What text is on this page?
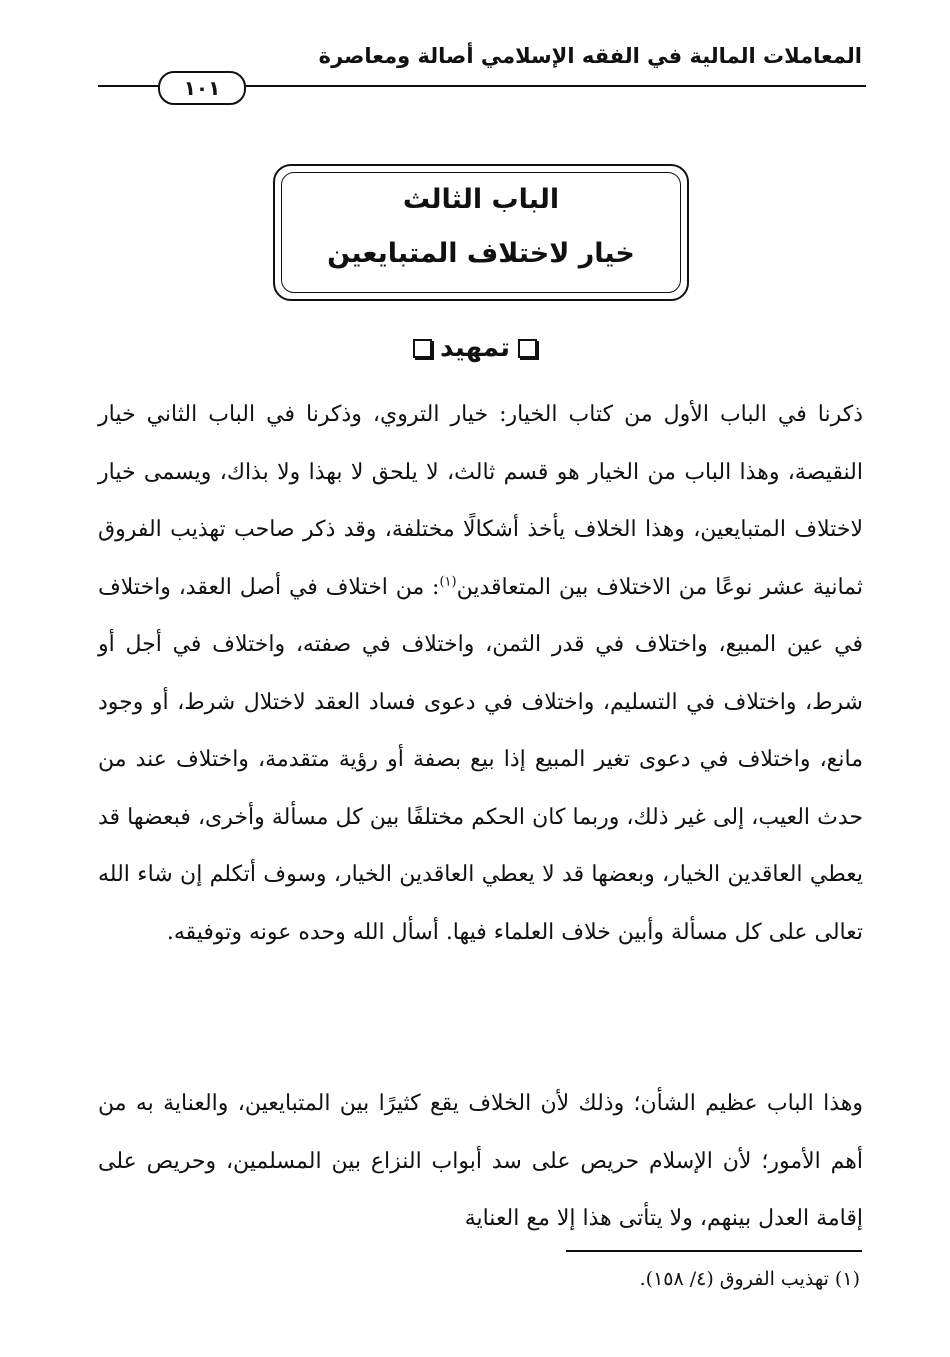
المعاملات المالية في الفقه الإسلامي أصالة ومعاصرة
١٠١
الباب الثالث
خيار لاختلاف المتبايعين
تمهيد
ذكرنا في الباب الأول من كتاب الخيار: خيار التروي، وذكرنا في الباب الثاني خيار النقيصة، وهذا الباب من الخيار هو قسم ثالث، لا يلحق لا بهذا ولا بذاك، ويسمى خيار لاختلاف المتبايعين، وهذا الخلاف يأخذ أشكالًا مختلفة، وقد ذكر صاحب تهذيب الفروق ثمانية عشر نوعًا من الاختلاف بين المتعاقدين$^{(١)}$: من اختلاف في أصل العقد، واختلاف في عين المبيع، واختلاف في قدر الثمن، واختلاف في صفته، واختلاف في أجل أو شرط، واختلاف في التسليم، واختلاف في دعوى فساد العقد لاختلال شرط، أو وجود مانع، واختلاف في دعوى تغير المبيع إذا بيع بصفة أو رؤية متقدمة، واختلاف عند من حدث العيب، إلى غير ذلك، وربما كان الحكم مختلفًا بين كل مسألة وأخرى، فبعضها قد يعطي العاقدين الخيار، وبعضها قد لا يعطي العاقدين الخيار، وسوف أتكلم إن شاء الله تعالى على كل مسألة وأبين خلاف العلماء فيها. أسأل الله وحده عونه وتوفيقه.
وهذا الباب عظيم الشأن؛ وذلك لأن الخلاف يقع كثيرًا بين المتبايعين، والعناية به من أهم الأمور؛ لأن الإسلام حريص على سد أبواب النزاع بين المسلمين، وحريص على إقامة العدل بينهم، ولا يتأتى هذا إلا مع العناية
(١) تهذيب الفروق (٤/ ١٥٨).
